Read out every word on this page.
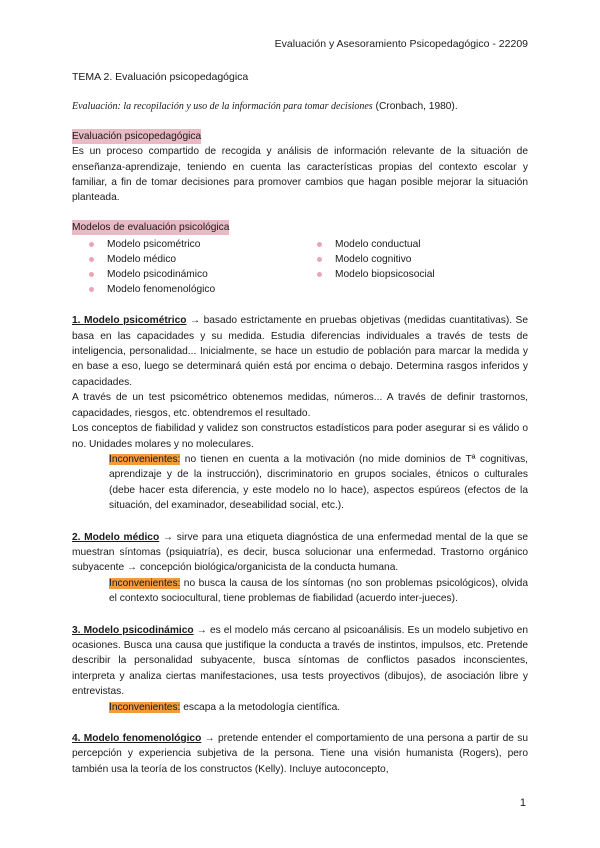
Evaluación y Asesoramiento Psicopedagógico - 22209

TEMA 2. Evaluación psicopedagógica

Evaluación: la recopilación y uso de la información para tomar decisiones (Cronbach, 1980).

Evaluación psicopedagógica

Es un proceso compartido de recogida y análisis de información relevante de la situación de enseñanza-aprendizaje, teniendo en cuenta las características propias del contexto escolar y familiar, a fin de tomar decisiones para promover cambios que hagan posible mejorar la situación planteada.

Modelos de evaluación psicológica

Modelo psicométrico
Modelo médico
Modelo psicodinámico
Modelo fenomenológico
Modelo conductual
Modelo cognitivo
Modelo biopsicosocial

1. Modelo psicométrico → basado estrictamente en pruebas objetivas (medidas cuantitativas). Se basa en las capacidades y su medida. Estudia diferencias individuales a través de tests de inteligencia, personalidad... Inicialmente, se hace un estudio de población para marcar la medida y en base a eso, luego se determinará quién está por encima o debajo. Determina rasgos inferidos y capacidades.

A través de un test psicométrico obtenemos medidas, números... A través de definir trastornos, capacidades, riesgos, etc. obtendremos el resultado.

Los conceptos de fiabilidad y validez son constructos estadísticos para poder asegurar si es válido o no. Unidades molares y no moleculares.

Inconvenientes: no tienen en cuenta a la motivación (no mide dominios de Tª cognitivas, aprendizaje y de la instrucción), discriminatorio en grupos sociales, étnicos o culturales (debe hacer esta diferencia, y este modelo no lo hace), aspectos espúreos (efectos de la situación, del examinador, deseabilidad social, etc.).

2. Modelo médico → sirve para una etiqueta diagnóstica de una enfermedad mental de la que se muestran síntomas (psiquiatría), es decir, busca solucionar una enfermedad. Trastorno orgánico subyacente → concepción biológica/organicista de la conducta humana.

Inconvenientes: no busca la causa de los síntomas (no son problemas psicológicos), olvida el contexto sociocultural, tiene problemas de fiabilidad (acuerdo inter-jueces).

3. Modelo psicodinámico → es el modelo más cercano al psicoanálisis. Es un modelo subjetivo en ocasiones. Busca una causa que justifique la conducta a través de instintos, impulsos, etc. Pretende describir la personalidad subyacente, busca síntomas de conflictos pasados inconscientes, interpreta y analiza ciertas manifestaciones, usa tests proyectivos (dibujos), de asociación libre y entrevistas.

Inconvenientes: escapa a la metodología científica.

4. Modelo fenomenológico → pretende entender el comportamiento de una persona a partir de su percepción y experiencia subjetiva de la persona. Tiene una visión humanista (Rogers), pero también usa la teoría de los constructos (Kelly). Incluye autoconcepto,

1
